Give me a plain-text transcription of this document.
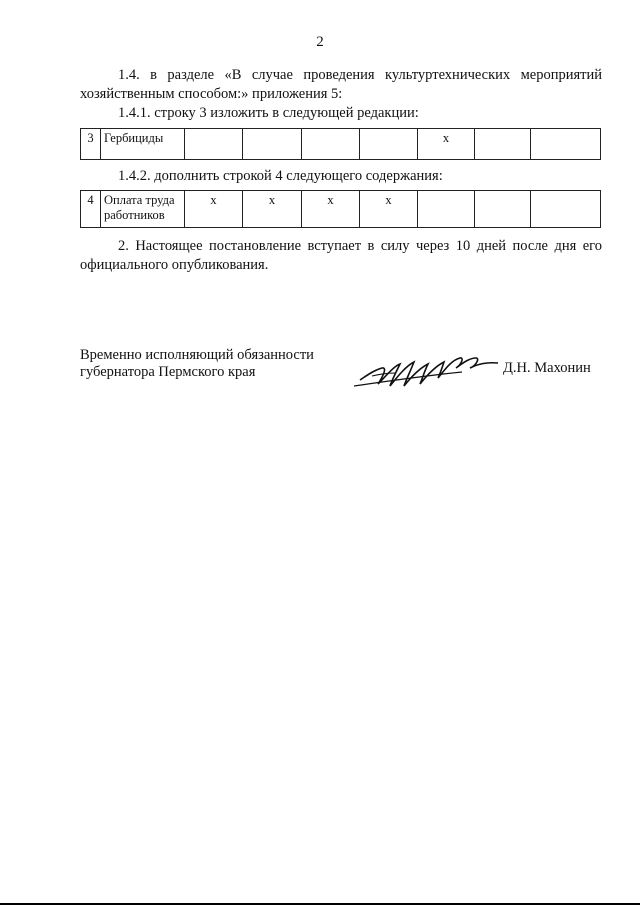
2
1.4. в разделе «В случае проведения культуртехнических мероприятий хозяйственным способом:» приложения 5:
1.4.1. строку 3 изложить в следующей редакции:
3	Гербициды					х		
1.4.2. дополнить строкой 4 следующего содержания:
4	Оплата труда работников	х	х	х	х			
2. Настоящее постановление вступает в силу через 10 дней после дня его официального опубликования.
Временно исполняющий обязанности
губернатора Пермского края	Д.Н. Махонин
